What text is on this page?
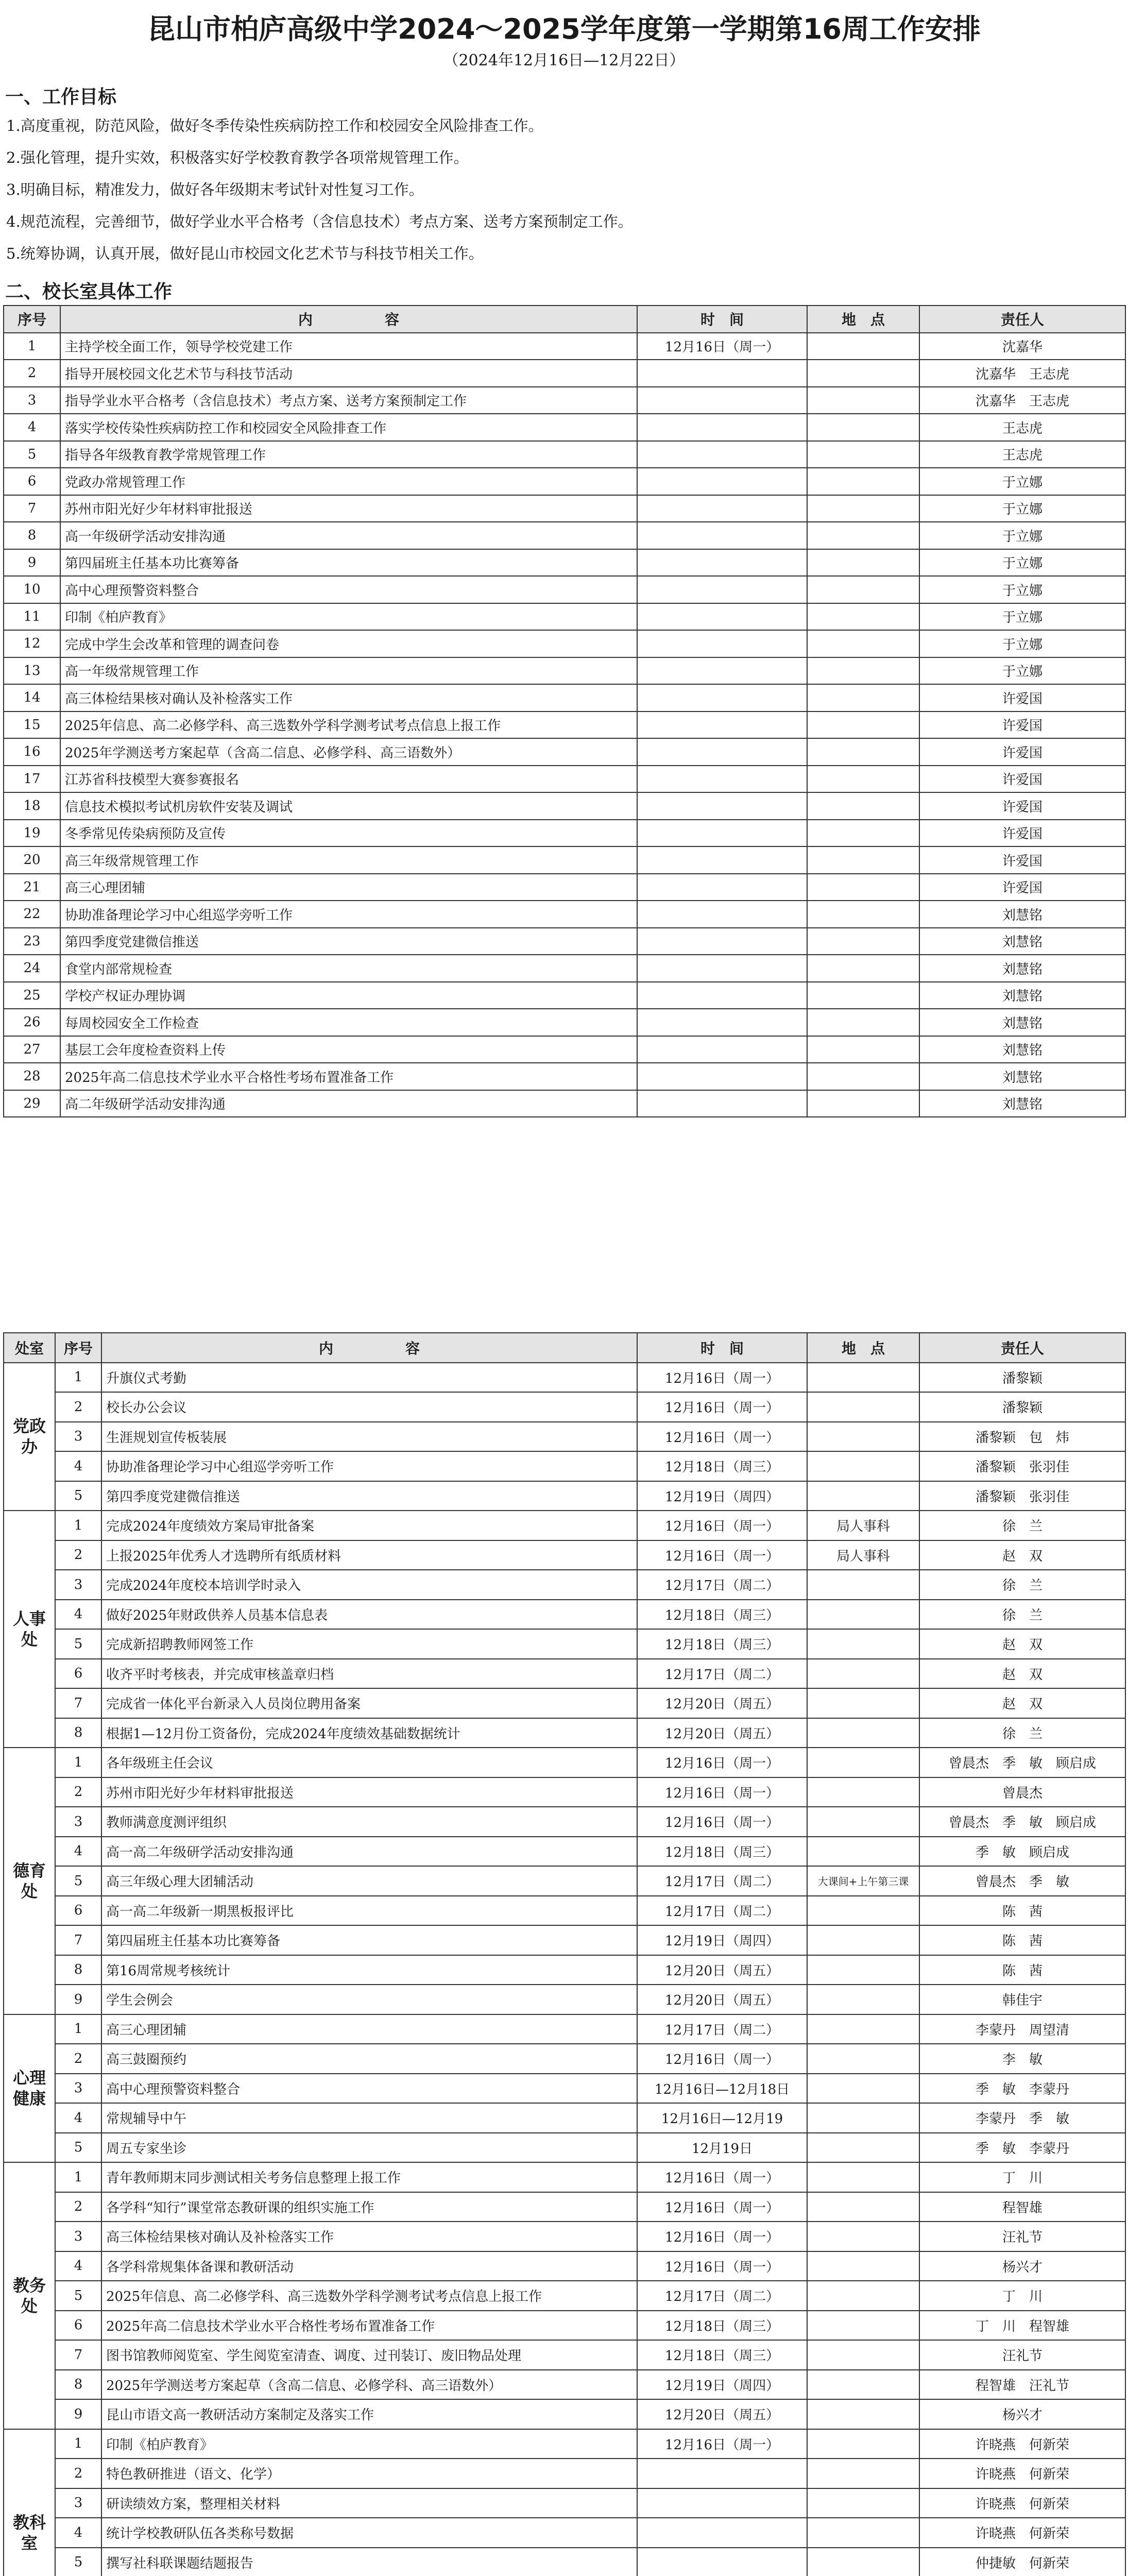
昆山市柏庐高级中学2024～2025学年度第一学期第16周工作安排
（2024年12月16日—12月22日）
一、工作目标
1.高度重视，防范风险，做好冬季传染性疾病防控工作和校园安全风险排查工作。
2.强化管理，提升实效，积极落实好学校教育教学各项常规管理工作。
3.明确目标，精准发力，做好各年级期末考试针对性复习工作。
4.规范流程，完善细节，做好学业水平合格考（含信息技术）考点方案、送考方案预制定工作。
5.统筹协调，认真开展，做好昆山市校园文化艺术节与科技节相关工作。
二、校长室具体工作
序号	内　　　　　容	时　间	地　点	责任人
1	主持学校全面工作，领导学校党建工作	12月16日（周一）		沈嘉华
2	指导开展校园文化艺术节与科技节活动			沈嘉华　王志虎
3	指导学业水平合格考（含信息技术）考点方案、送考方案预制定工作			沈嘉华　王志虎
4	落实学校传染性疾病防控工作和校园安全风险排查工作			王志虎
5	指导各年级教育教学常规管理工作			王志虎
6	党政办常规管理工作			于立娜
7	苏州市阳光好少年材料审批报送			于立娜
8	高一年级研学活动安排沟通			于立娜
9	第四届班主任基本功比赛筹备			于立娜
10	高中心理预警资料整合			于立娜
11	印制《柏庐教育》			于立娜
12	完成中学生会改革和管理的调查问卷			于立娜
13	高一年级常规管理工作			于立娜
14	高三体检结果核对确认及补检落实工作			许爱国
15	2025年信息、高二必修学科、高三选数外学科学测考试考点信息上报工作			许爱国
16	2025年学测送考方案起草（含高二信息、必修学科、高三语数外）			许爱国
17	江苏省科技模型大赛参赛报名			许爱国
18	信息技术模拟考试机房软件安装及调试			许爱国
19	冬季常见传染病预防及宣传			许爱国
20	高三年级常规管理工作			许爱国
21	高三心理团辅			许爱国
22	协助准备理论学习中心组巡学旁听工作			刘慧铭
23	第四季度党建微信推送			刘慧铭
24	食堂内部常规检查			刘慧铭
25	学校产权证办理协调			刘慧铭
26	每周校园安全工作检查			刘慧铭
27	基层工会年度检查资料上传			刘慧铭
28	2025年高二信息技术学业水平合格性考场布置准备工作			刘慧铭
29	高二年级研学活动安排沟通			刘慧铭
处室	序号	内　　　　　容	时　间	地　点	责任人
党政办	1	升旗仪式考勤	12月16日（周一）		潘黎颖
	2	校长办公会议	12月16日（周一）		潘黎颖
	3	生涯规划宣传板装展	12月16日（周一）		潘黎颖　包　炜
	4	协助准备理论学习中心组巡学旁听工作	12月18日（周三）		潘黎颖　张羽佳
	5	第四季度党建微信推送	12月19日（周四）		潘黎颖　张羽佳
人事处	1	完成2024年度绩效方案局审批备案	12月16日（周一）	局人事科	徐　兰
	2	上报2025年优秀人才选聘所有纸质材料	12月16日（周一）	局人事科	赵　双
	3	完成2024年度校本培训学时录入	12月17日（周二）		徐　兰
	4	做好2025年财政供养人员基本信息表	12月18日（周三）		徐　兰
	5	完成新招聘教师网签工作	12月18日（周三）		赵　双
	6	收齐平时考核表，并完成审核盖章归档	12月17日（周二）		赵　双
	7	完成省一体化平台新录入人员岗位聘用备案	12月20日（周五）		赵　双
	8	根据1—12月份工资备份，完成2024年度绩效基础数据统计	12月20日（周五）		徐　兰
德育处	1	各年级班主任会议	12月16日（周一）		曾晨杰　季　敏　顾启成
	2	苏州市阳光好少年材料审批报送	12月16日（周一）		曾晨杰
	3	教师满意度测评组织	12月16日（周一）		曾晨杰　季　敏　顾启成
	4	高一高二年级研学活动安排沟通	12月18日（周三）		季　敏　顾启成
	5	高三年级心理大团辅活动	12月17日（周二）	大课间+上午第三课	曾晨杰　季　敏
	6	高一高二年级新一期黑板报评比	12月17日（周二）		陈　茜
	7	第四届班主任基本功比赛筹备	12月19日（周四）		陈　茜
	8	第16周常规考核统计	12月20日（周五）		陈　茜
	9	学生会例会	12月20日（周五）		韩佳宇
心理健康	1	高三心理团辅	12月17日（周二）		李蒙丹　周望清
	2	高三鼓圈预约	12月16日（周一）		李　敏
	3	高中心理预警资料整合	12月16日—12月18日		季　敏　李蒙丹
	4	常规辅导中午	12月16日—12月19		李蒙丹　季　敏
	5	周五专家坐诊	12月19日		季　敏　李蒙丹
教务处	1	青年教师期末同步测试相关考务信息整理上报工作	12月16日（周一）		丁　川
	2	各学科“知行”课堂常态教研课的组织实施工作	12月16日（周一）		程智雄
	3	高三体检结果核对确认及补检落实工作	12月16日（周一）		汪礼节
	4	各学科常规集体备课和教研活动	12月16日（周一）		杨兴才
	5	2025年信息、高二必修学科、高三选数外学科学测考试考点信息上报工作	12月17日（周二）		丁　川
	6	2025年高二信息技术学业水平合格性考场布置准备工作	12月18日（周三）		丁　川　程智雄
	7	图书馆教师阅览室、学生阅览室清查、调度、过刊装订、废旧物品处理	12月18日（周三）		汪礼节
	8	2025年学测送考方案起草（含高二信息、必修学科、高三语数外）	12月19日（周四）		程智雄　汪礼节
	9	昆山市语文高一教研活动方案制定及落实工作	12月20日（周五）		杨兴才
教科室	1	印制《柏庐教育》	12月16日（周一）		许晓燕　何新荣
	2	特色教研推进（语文、化学）			许晓燕　何新荣
	3	研读绩效方案，整理相关材料			许晓燕　何新荣
	4	统计学校教研队伍各类称号数据			许晓燕　何新荣
	5	撰写社科联课题结题报告			仲捷敏　何新荣
